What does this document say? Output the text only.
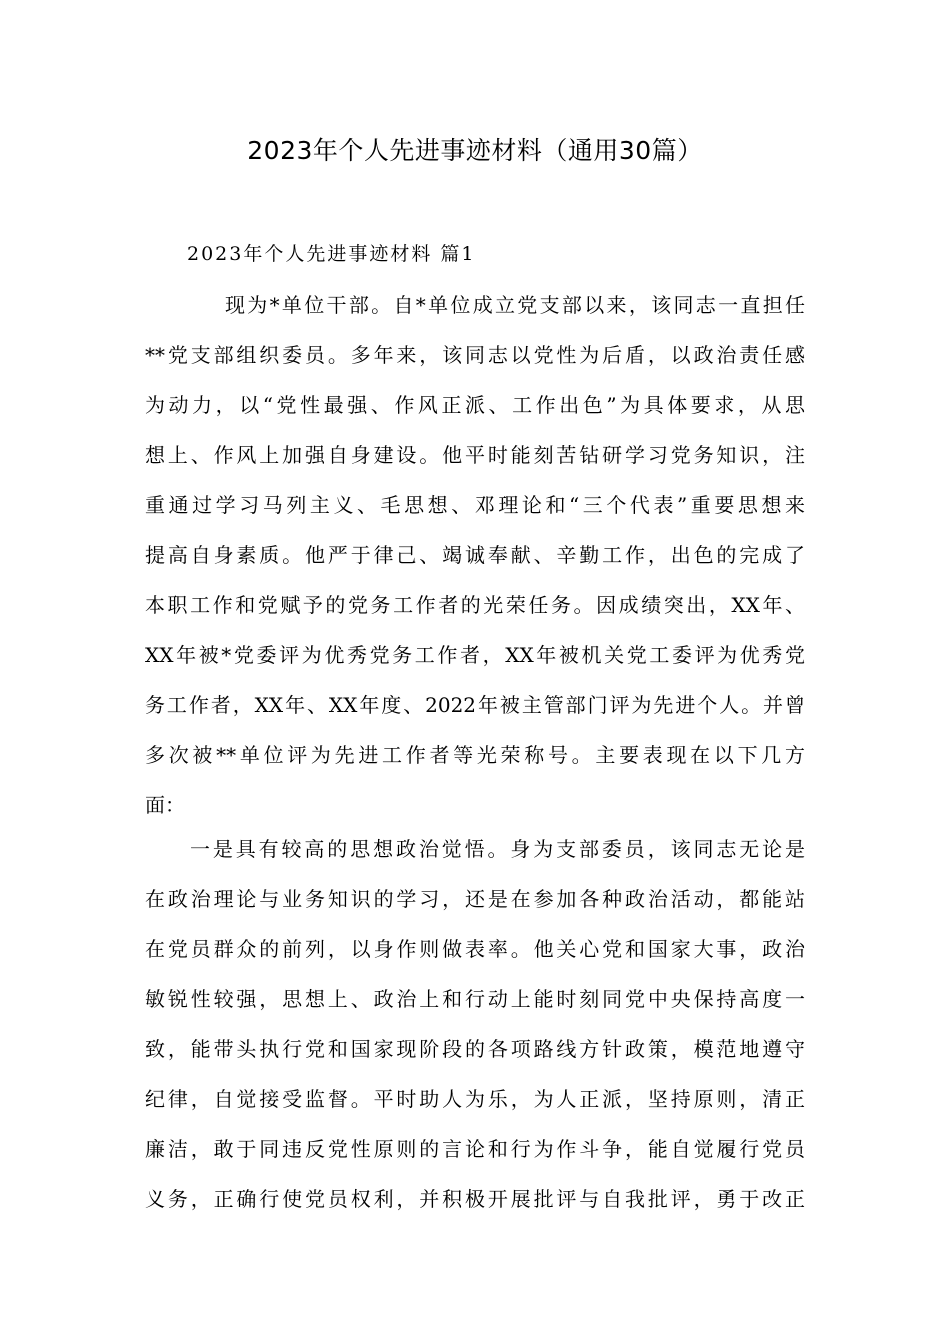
2023年个人先进事迹材料（通用30篇）
2023年个人先进事迹材料 篇1
现为*单位干部。自*单位成立党支部以来，该同志一直担任
**党支部组织委员。多年来，该同志以党性为后盾，以政治责任感
为动力，以“党性最强、作风正派、工作出色”为具体要求，从思
想上、作风上加强自身建设。他平时能刻苦钻研学习党务知识，注
重通过学习马列主义、毛思想、邓理论和“三个代表”重要思想来
提高自身素质。他严于律己、竭诚奉献、辛勤工作，出色的完成了
本职工作和党赋予的党务工作者的光荣任务。因成绩突出，XX年、
XX年被*党委评为优秀党务工作者，XX年被机关党工委评为优秀党
务工作者，XX年、XX年度、2022年被主管部门评为先进个人。并曾
多次被**单位评为先进工作者等光荣称号。主要表现在以下几方
面：
一是具有较高的思想政治觉悟。身为支部委员，该同志无论是
在政治理论与业务知识的学习，还是在参加各种政治活动，都能站
在党员群众的前列，以身作则做表率。他关心党和国家大事，政治
敏锐性较强，思想上、政治上和行动上能时刻同党中央保持高度一
致，能带头执行党和国家现阶段的各项路线方针政策，模范地遵守
纪律，自觉接受监督。平时助人为乐，为人正派，坚持原则，清正
廉洁，敢于同违反党性原则的言论和行为作斗争，能自觉履行党员
义务，正确行使党员权利，并积极开展批评与自我批评，勇于改正
